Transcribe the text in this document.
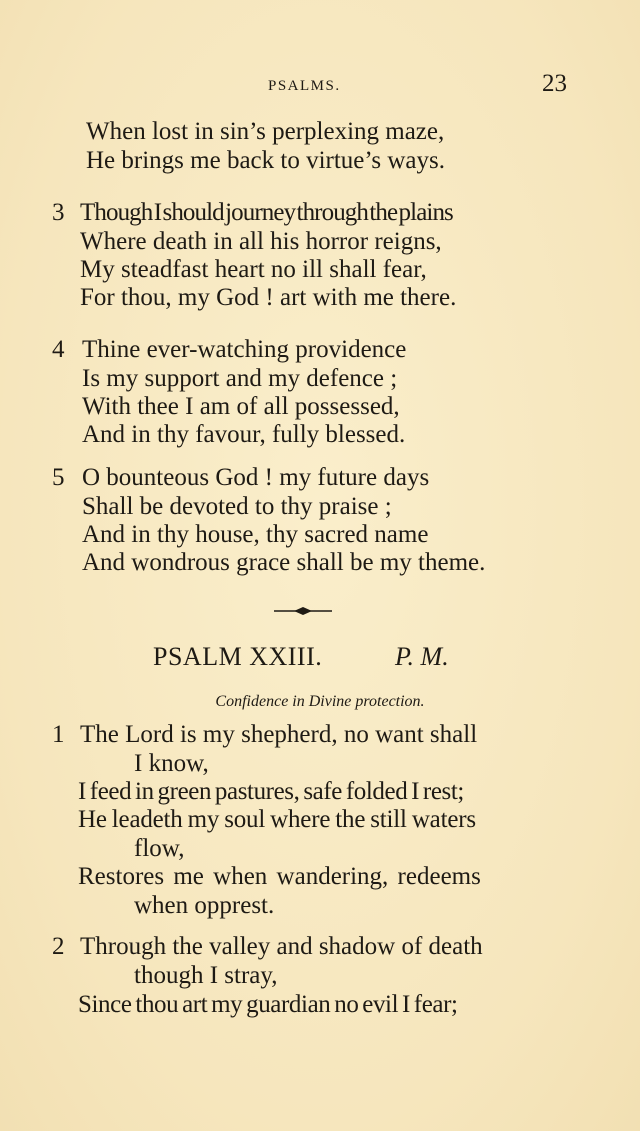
PSALMS.	23
When lost in sin’s perplexing maze,
He brings me back to virtue’s ways.
3 Though I should journey through the plains
Where death in all his horror reigns,
My steadfast heart no ill shall fear,
For thou, my God ! art with me there.
4 Thine ever-watching providence
Is my support and my defence ;
With thee I am of all possessed,
And in thy favour, fully blessed.
5 O bounteous God ! my future days
Shall be devoted to thy praise ;
And in thy house, thy sacred name
And wondrous grace shall be my theme.
PSALM XXIII.	P. M.
Confidence in Divine protection.
1 The Lord is my shepherd, no want shall
I know,
I feed in green pastures, safe folded I rest;
He leadeth my soul where the still waters
flow,
Restores me when wandering, redeems
when opprest.
2 Through the valley and shadow of death
though I stray,
Since thou art my guardian no evil I fear;
